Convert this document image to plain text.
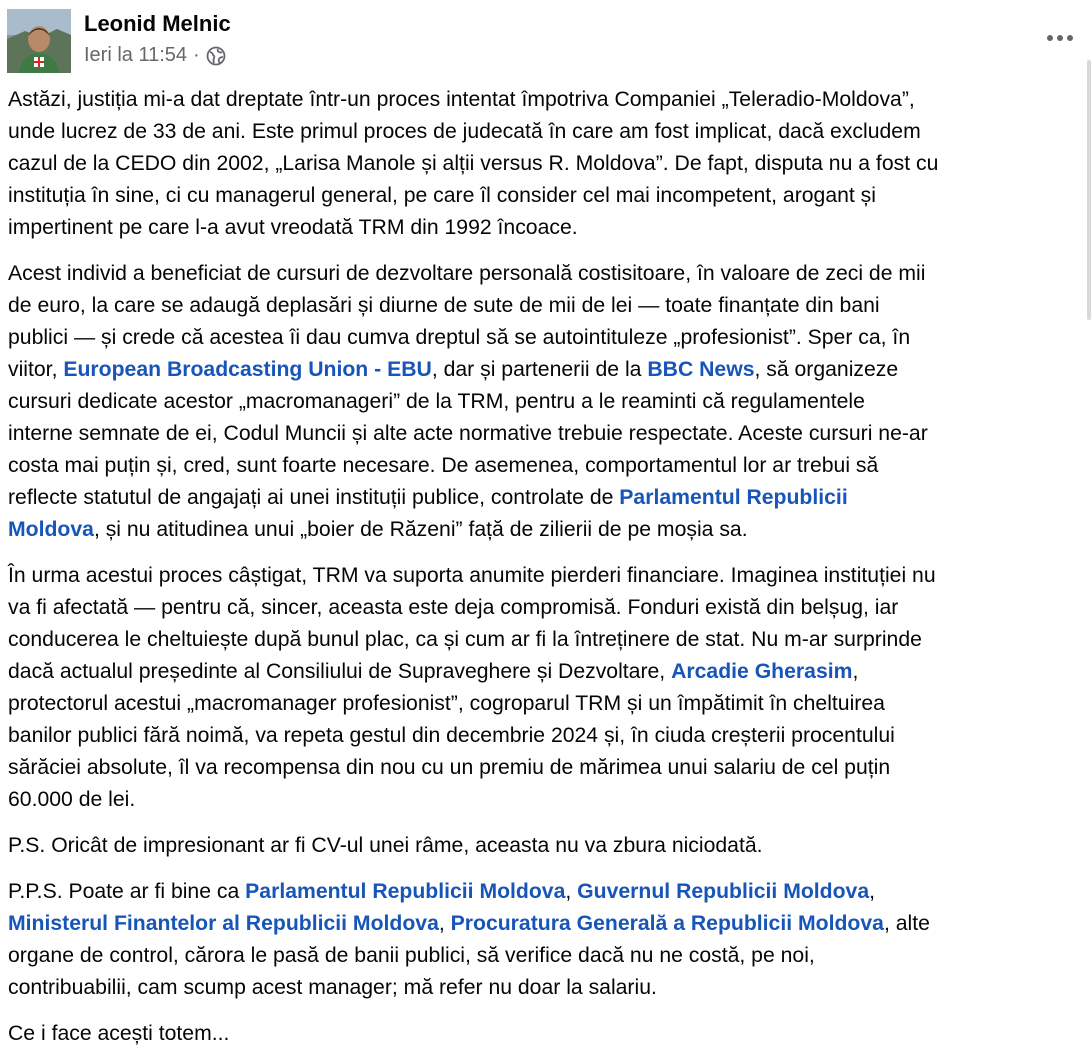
Leonid Melnic
Ieri la 11:54 ·

Astăzi, justiția mi-a dat dreptate într-un proces intentat împotriva Companiei „Teleradio-Moldova”,
unde lucrez de 33 de ani. Este primul proces de judecată în care am fost implicat, dacă excludem
cazul de la CEDO din 2002, „Larisa Manole și alții versus R. Moldova”. De fapt, disputa nu a fost cu
instituția în sine, ci cu managerul general, pe care îl consider cel mai incompetent, arogant și
impertinent pe care l-a avut vreodată TRM din 1992 încoace.

Acest individ a beneficiat de cursuri de dezvoltare personală costisitoare, în valoare de zeci de mii
de euro, la care se adaugă deplasări și diurne de sute de mii de lei — toate finanțate din bani
publici — și crede că acestea îi dau cumva dreptul să se autointituleze „profesionist”. Sper ca, în
viitor, European Broadcasting Union - EBU, dar și partenerii de la BBC News, să organizeze
cursuri dedicate acestor „macromanageri” de la TRM, pentru a le reaminti că regulamentele
interne semnate de ei, Codul Muncii și alte acte normative trebuie respectate. Aceste cursuri ne-ar
costa mai puțin și, cred, sunt foarte necesare. De asemenea, comportamentul lor ar trebui să
reflecte statutul de angajați ai unei instituții publice, controlate de Parlamentul Republicii
Moldova, și nu atitudinea unui „boier de Răzeni” față de zilierii de pe moșia sa.

În urma acestui proces câștigat, TRM va suporta anumite pierderi financiare. Imaginea instituției nu
va fi afectată — pentru că, sincer, aceasta este deja compromisă. Fonduri există din belșug, iar
conducerea le cheltuiește după bunul plac, ca și cum ar fi la întreținere de stat. Nu m-ar surprinde
dacă actualul președinte al Consiliului de Supraveghere și Dezvoltare, Arcadie Gherasim,
protectorul acestui „macromanager profesionist”, cogroparul TRM și un împătimit în cheltuirea
banilor publici fără noimă, va repeta gestul din decembrie 2024 și, în ciuda creșterii procentului
sărăciei absolute, îl va recompensa din nou cu un premiu de mărimea unui salariu de cel puțin
60.000 de lei.

P.S. Oricât de impresionant ar fi CV-ul unei râme, aceasta nu va zbura niciodată.

P.P.S. Poate ar fi bine ca Parlamentul Republicii Moldova, Guvernul Republicii Moldova,
Ministerul Finantelor al Republicii Moldova, Procuratura Generală a Republicii Moldova, alte
organe de control, cărora le pasă de banii publici, să verifice dacă nu ne costă, pe noi,
contribuabilii, cam scump acest manager; mă refer nu doar la salariu.

Ce i face acești totem...
